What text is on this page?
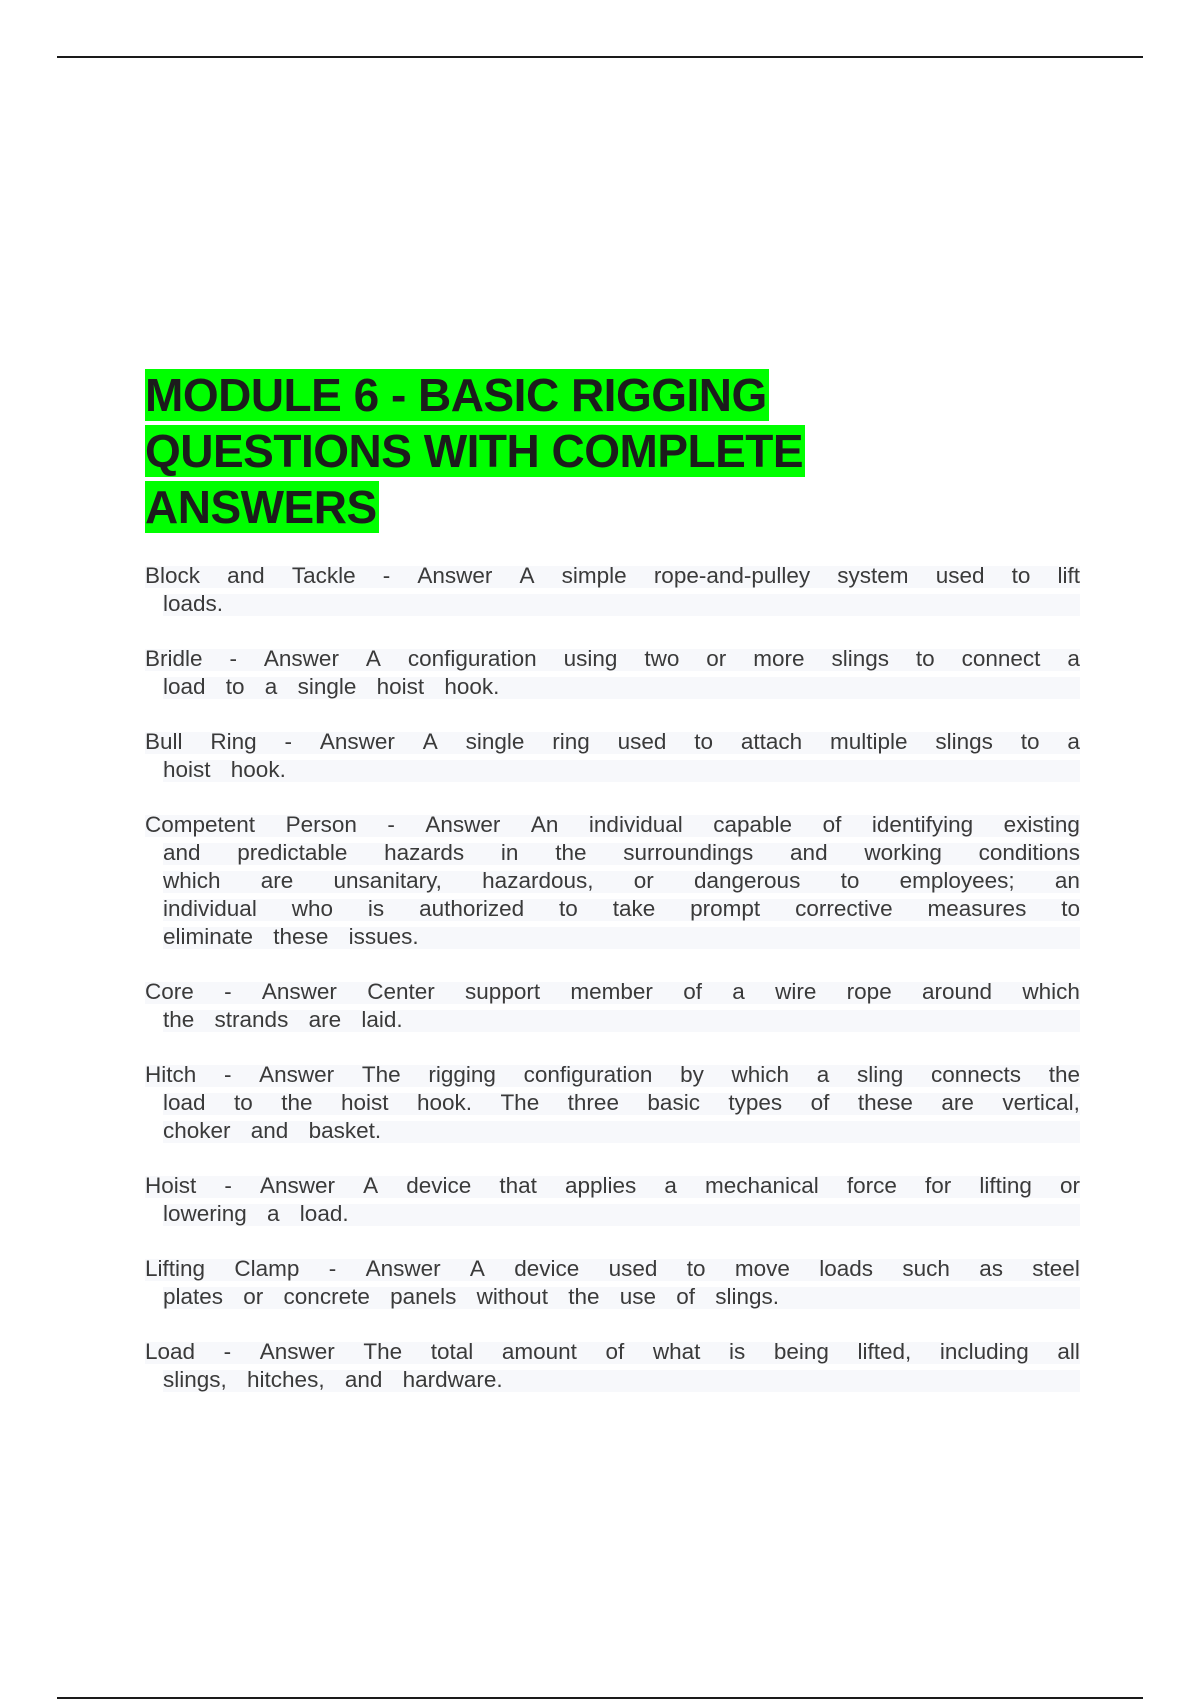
MODULE 6 - BASIC RIGGING
QUESTIONS WITH COMPLETE
ANSWERS
Block and Tackle - Answer A simple rope-and-pulley system used to lift
loads.
Bridle - Answer A configuration using two or more slings to connect a
load to a single hoist hook.
Bull Ring - Answer A single ring used to attach multiple slings to a
hoist hook.
Competent Person - Answer An individual capable of identifying existing
and predictable hazards in the surroundings and working conditions
which are unsanitary, hazardous, or dangerous to employees; an
individual who is authorized to take prompt corrective measures to
eliminate these issues.
Core - Answer Center support member of a wire rope around which
the strands are laid.
Hitch - Answer The rigging configuration by which a sling connects the
load to the hoist hook. The three basic types of these are vertical,
choker and basket.
Hoist - Answer A device that applies a mechanical force for lifting or
lowering a load.
Lifting Clamp - Answer A device used to move loads such as steel
plates or concrete panels without the use of slings.
Load - Answer The total amount of what is being lifted, including all
slings, hitches, and hardware.
